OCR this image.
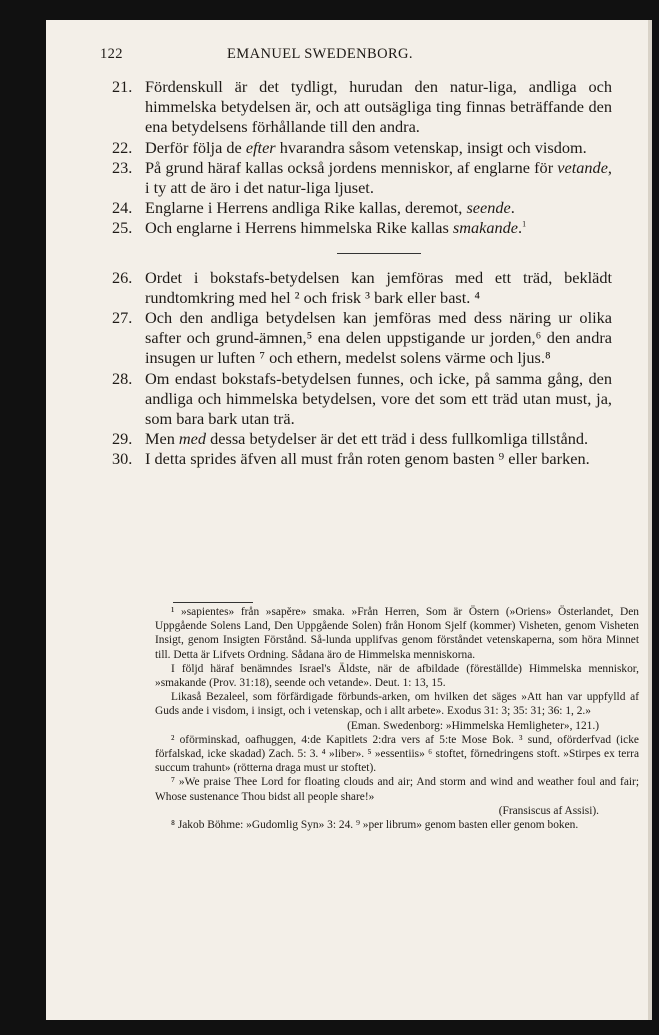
122	EMANUEL SWEDENBORG.
21. Fördenskull är det tydligt, hurudan den natur-liga, andliga och himmelska betydelsen är, och att outsägliga ting finnas beträffande den ena betydelsens förhållande till den andra.
22. Derför följa de efter hvarandra såsom vetenskap, insigt och visdom.
23. På grund häraf kallas också jordens menniskor, af englarne för vetande, i ty att de äro i det natur-liga ljuset.
24. Englarne i Herrens andliga Rike kallas, deremot, seende.
25. Och englarne i Herrens himmelska Rike kallas smakande.$^1$
26. Ordet i bokstafs-betydelsen kan jemföras med ett träd, beklädt rundtomkring med hel ² och frisk ³ bark eller bast. ⁴
27. Och den andliga betydelsen kan jemföras med dess näring ur olika safter och grund-ämnen,⁵ ena delen uppstigande ur jorden,⁶ den andra insugen ur luften ⁷ och ethern, medelst solens värme och ljus.⁸
28. Om endast bokstafs-betydelsen funnes, och icke, på samma gång, den andliga och himmelska betydelsen, vore det som ett träd utan must, ja, som bara bark utan trä.
29. Men med dessa betydelser är det ett träd i dess fullkomliga tillstånd.
30. I detta sprides äfven all must från roten genom basten ⁹ eller barken.

¹ »sapientes» från »sapěre» smaka. »Från Herren, Som är Östern (»Oriens» Österlandet, Den Uppgående Solens Land, Den Uppgående Solen) från Honom Sjelf (kommer) Visheten, genom Visheten Insigt, genom Insigten Förstånd. Så-lunda upplifvas genom förståndet vetenskaperna, som höra Minnet till. Detta är Lifvets Ordning. Sådana äro de Himmelska menniskorna.

I följd häraf benämndes Israel's Äldste, när de afbildade (föreställde) Himmelska menniskor, »smakande (Prov. 31:18), seende och vetande». Deut. 1: 13, 15.

Likaså Bezaleel, som förfärdigade förbunds-arken, om hvilken det säges »Att han var uppfylld af Guds ande i visdom, i insigt, och i vetenskap, och i allt arbete». Exodus 31: 3; 35: 31; 36: 1, 2.»

(Eman. Swedenborg: »Himmelska Hemligheter», 121.)

² oförminskad, oafhuggen, 4:de Kapitlets 2:dra vers af 5:te Mose Bok. ³ sund, oförderfvad (icke förfalskad, icke skadad) Zach. 5: 3. ⁴ »liber». ⁵ »essentiis» ⁶ stoftet, förnedringens stoft. »Stirpes ex terra succum trahunt» (rötterna draga must ur stoftet).

⁷ »We praise Thee Lord for floating clouds and air; And storm and wind and weather foul and fair; Whose sustenance Thou bidst all people share!»

(Fransiscus af Assisi).

⁸ Jakob Böhme: »Gudomlig Syn» 3: 24. ⁹ »per librum» genom basten eller genom boken.
